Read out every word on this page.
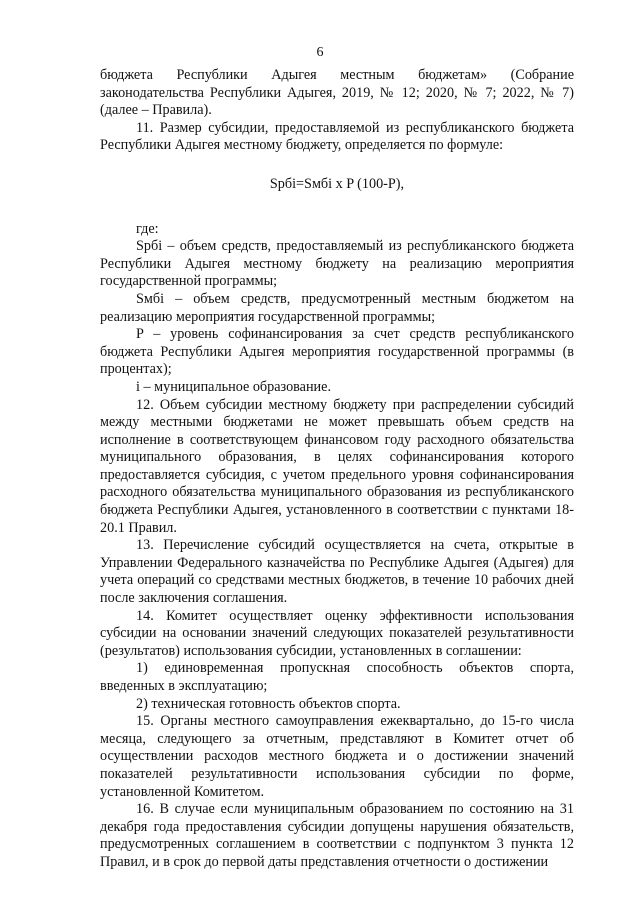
6

бюджета Республики Адыгея местным бюджетам» (Собрание законодательства Республики Адыгея, 2019, № 12; 2020, № 7; 2022, № 7) (далее – Правила).

11. Размер субсидии, предоставляемой из республиканского бюджета Республики Адыгея местному бюджету, определяется по формуле:

Spбi=Sмбi x P (100-P),

где:

Spбi – объем средств, предоставляемый из республиканского бюджета Республики Адыгея местному бюджету на реализацию мероприятия государственной программы;

Sмбi – объем средств, предусмотренный местным бюджетом на реализацию мероприятия государственной программы;

P – уровень софинансирования за счет средств республиканского бюджета Республики Адыгея мероприятия государственной программы (в процентах);

i – муниципальное образование.

12. Объем субсидии местному бюджету при распределении субсидий между местными бюджетами не может превышать объем средств на исполнение в соответствующем финансовом году расходного обязательства муниципального образования, в целях софинансирования которого предоставляется субсидия, с учетом предельного уровня софинансирования расходного обязательства муниципального образования из республиканского бюджета Республики Адыгея, установленного в соответствии с пунктами 18-20.1 Правил.

13. Перечисление субсидий осуществляется на счета, открытые в Управлении Федерального казначейства по Республике Адыгея (Адыгея) для учета операций со средствами местных бюджетов, в течение 10 рабочих дней после заключения соглашения.

14. Комитет осуществляет оценку эффективности использования субсидии на основании значений следующих показателей результативности (результатов) использования субсидии, установленных в соглашении:

1) единовременная пропускная способность объектов спорта, введенных в эксплуатацию;

2) техническая готовность объектов спорта.

15. Органы местного самоуправления ежеквартально, до 15-го числа месяца, следующего за отчетным, представляют в Комитет отчет об осуществлении расходов местного бюджета и о достижении значений показателей результативности использования субсидии по форме, установленной Комитетом.

16. В случае если муниципальным образованием по состоянию на 31 декабря года предоставления субсидии допущены нарушения обязательств, предусмотренных соглашением в соответствии с подпунктом 3 пункта 12 Правил, и в срок до первой даты представления отчетности о достижении
